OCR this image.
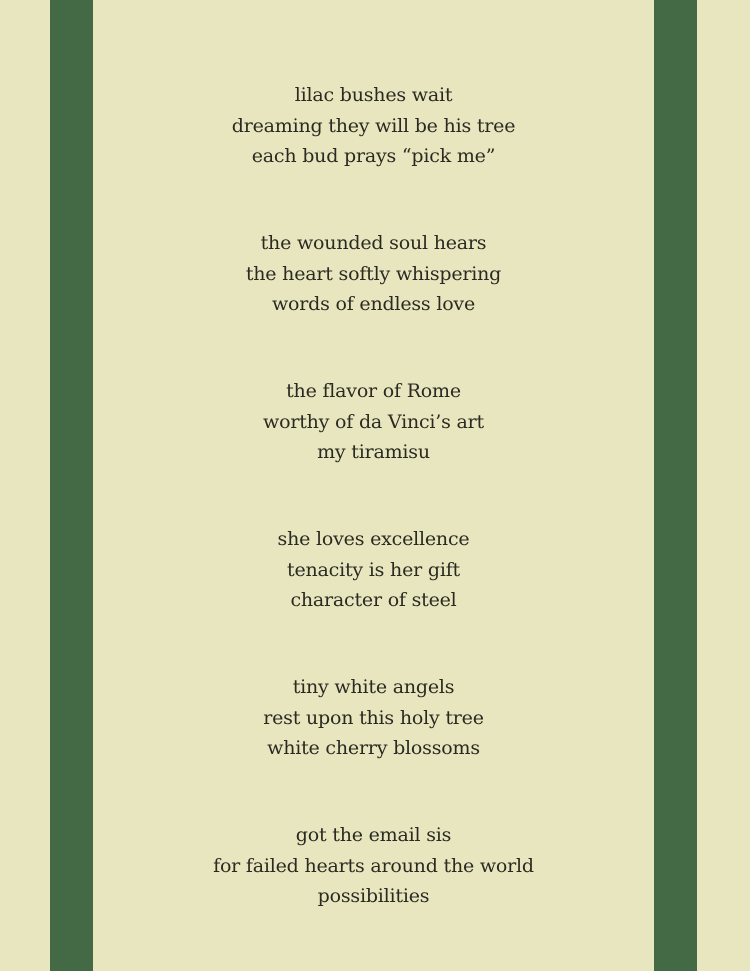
lilac bushes wait
dreaming they will be his tree
each bud prays “pick me”
the wounded soul hears
the heart softly whispering
words of endless love
the flavor of Rome
worthy of da Vinci’s art
my tiramisu
she loves excellence
tenacity is her gift
character of steel
tiny white angels
rest upon this holy tree
white cherry blossoms
got the email sis
for failed hearts around the world
possibilities
